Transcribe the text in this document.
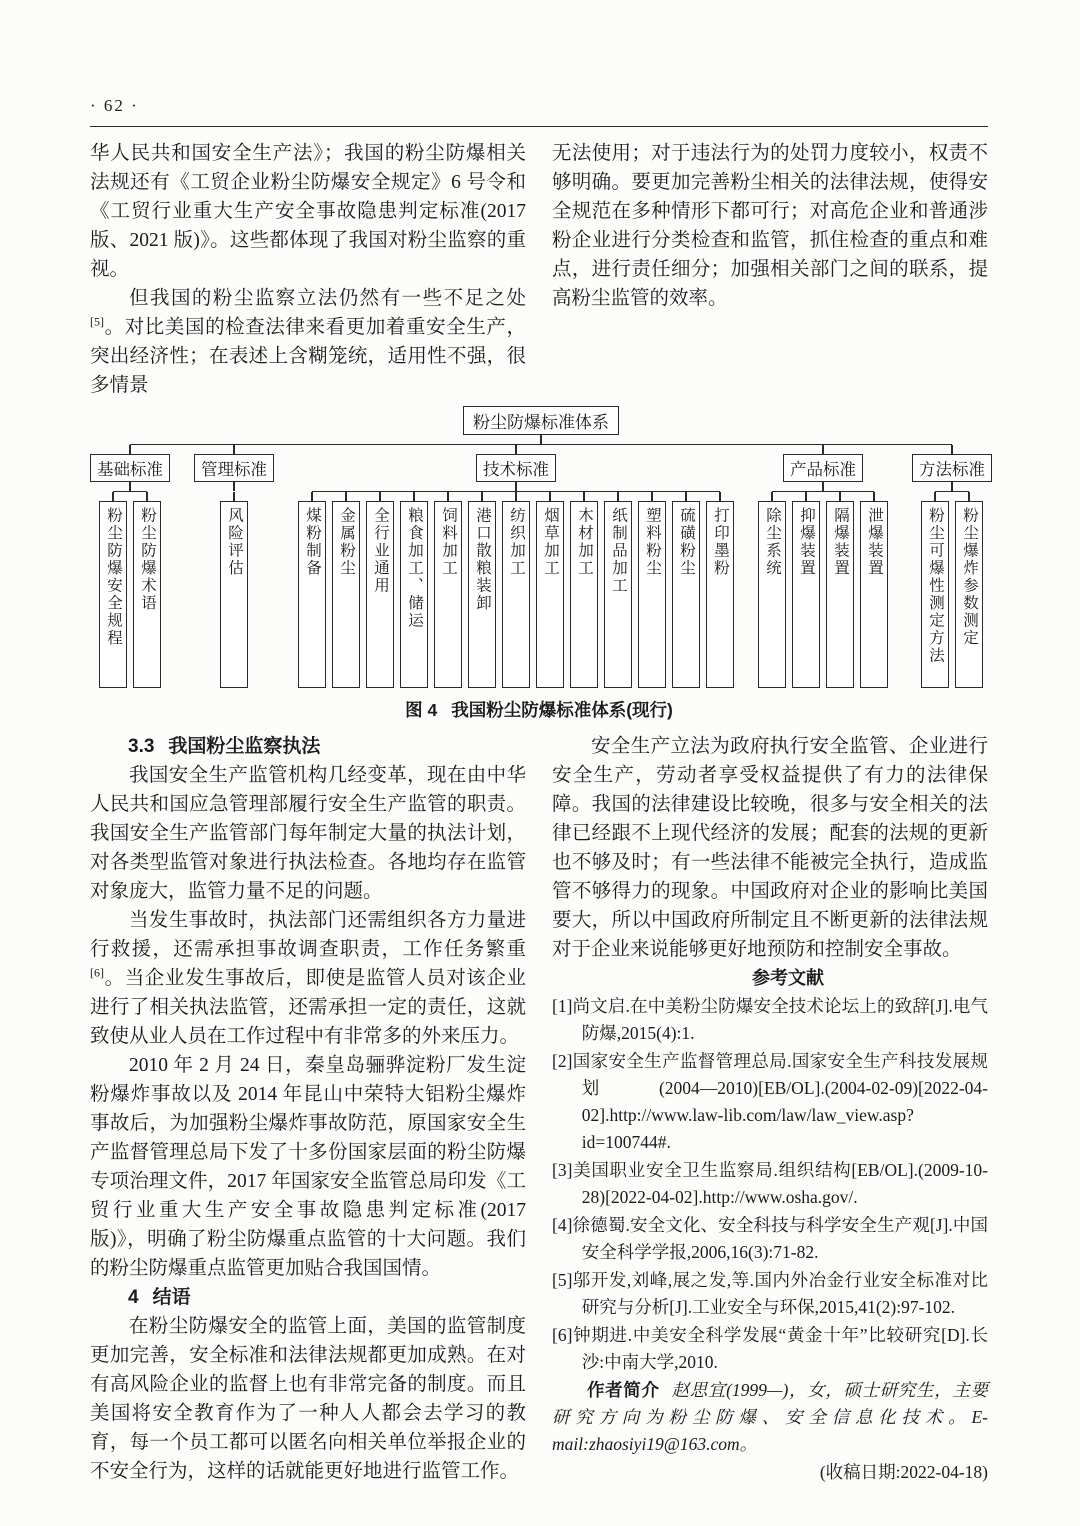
· 62 ·

华人民共和国安全生产法》；我国的粉尘防爆相关法规还有《工贸企业粉尘防爆安全规定》6 号令和《工贸行业重大生产安全事故隐患判定标准(2017 版、2021 版)》。这些都体现了我国对粉尘监察的重视。

但我国的粉尘监察立法仍然有一些不足之处[5]。对比美国的检查法律来看更加着重安全生产，突出经济性；在表述上含糊笼统，适用性不强，很多情景

无法使用；对于违法行为的处罚力度较小，权责不够明确。要更加完善粉尘相关的法律法规，使得安全规范在多种情形下都可行；对高危企业和普通涉粉企业进行分类检查和监管，抓住检查的重点和难点，进行责任细分；加强相关部门之间的联系，提高粉尘监管的效率。

粉尘防爆标准体系
基础标准
粉尘防爆安全规程	粉尘防爆术语
管理标准
风险评估
技术标准
煤粉制备	金属粉尘	全行业通用	粮食加工、储运	饲料加工	港口散粮装卸	纺织加工	烟草加工	木材加工	纸制品加工	塑料粉尘	硫磺粉尘	打印墨粉
产品标准
除尘系统	抑爆装置	隔爆装置	泄爆装置
方法标准
粉尘可爆性测定方法	粉尘爆炸参数测定
图 4 我国粉尘防爆标准体系(现行)

3.3 我国粉尘监察执法

我国安全生产监管机构几经变革，现在由中华人民共和国应急管理部履行安全生产监管的职责。我国安全生产监管部门每年制定大量的执法计划，对各类型监管对象进行执法检查。各地均存在监管对象庞大，监管力量不足的问题。

当发生事故时，执法部门还需组织各方力量进行救援，还需承担事故调查职责，工作任务繁重[6]。当企业发生事故后，即使是监管人员对该企业进行了相关执法监管，还需承担一定的责任，这就致使从业人员在工作过程中有非常多的外来压力。

2010 年 2 月 24 日，秦皇岛骊骅淀粉厂发生淀粉爆炸事故以及 2014 年昆山中荣特大铝粉尘爆炸事故后，为加强粉尘爆炸事故防范，原国家安全生产监督管理总局下发了十多份国家层面的粉尘防爆专项治理文件，2017 年国家安全监管总局印发《工贸行业重大生产安全事故隐患判定标准(2017 版)》，明确了粉尘防爆重点监管的十大问题。我们的粉尘防爆重点监管更加贴合我国国情。

4 结语

在粉尘防爆安全的监管上面，美国的监管制度更加完善，安全标准和法律法规都更加成熟。在对有高风险企业的监督上也有非常完备的制度。而且美国将安全教育作为了一种人人都会去学习的教育，每一个员工都可以匿名向相关单位举报企业的不安全行为，这样的话就能更好地进行监管工作。

安全生产立法为政府执行安全监管、企业进行安全生产，劳动者享受权益提供了有力的法律保障。我国的法律建设比较晚，很多与安全相关的法律已经跟不上现代经济的发展；配套的法规的更新也不够及时；有一些法律不能被完全执行，造成监管不够得力的现象。中国政府对企业的影响比美国要大，所以中国政府所制定且不断更新的法律法规对于企业来说能够更好地预防和控制安全事故。

参考文献

[1]尚文启.在中美粉尘防爆安全技术论坛上的致辞[J].电气防爆,2015(4):1.

[2]国家安全生产监督管理总局.国家安全生产科技发展规划(2004—2010)[EB/OL].(2004-02-09)[2022-04-02].http://www.law-lib.com/law/law_view.asp? id=100744#.

[3]美国职业安全卫生监察局.组织结构[EB/OL].(2009-10-28)[2022-04-02].http://www.osha.gov/.

[4]徐德蜀.安全文化、安全科技与科学安全生产观[J].中国安全科学学报,2006,16(3):71-82.

[5]邬开发,刘峰,展之发,等.国内外冶金行业安全标准对比研究与分析[J].工业安全与环保,2015,41(2):97-102.

[6]钟期进.中美安全科学发展“黄金十年”比较研究[D].长沙:中南大学,2010.

作者简介 赵思宜(1999—)，女，硕士研究生，主要研究方向为粉尘防爆、安全信息化技术。E-mail:zhaosiyi19@163.com。

(收稿日期:2022-04-18)
